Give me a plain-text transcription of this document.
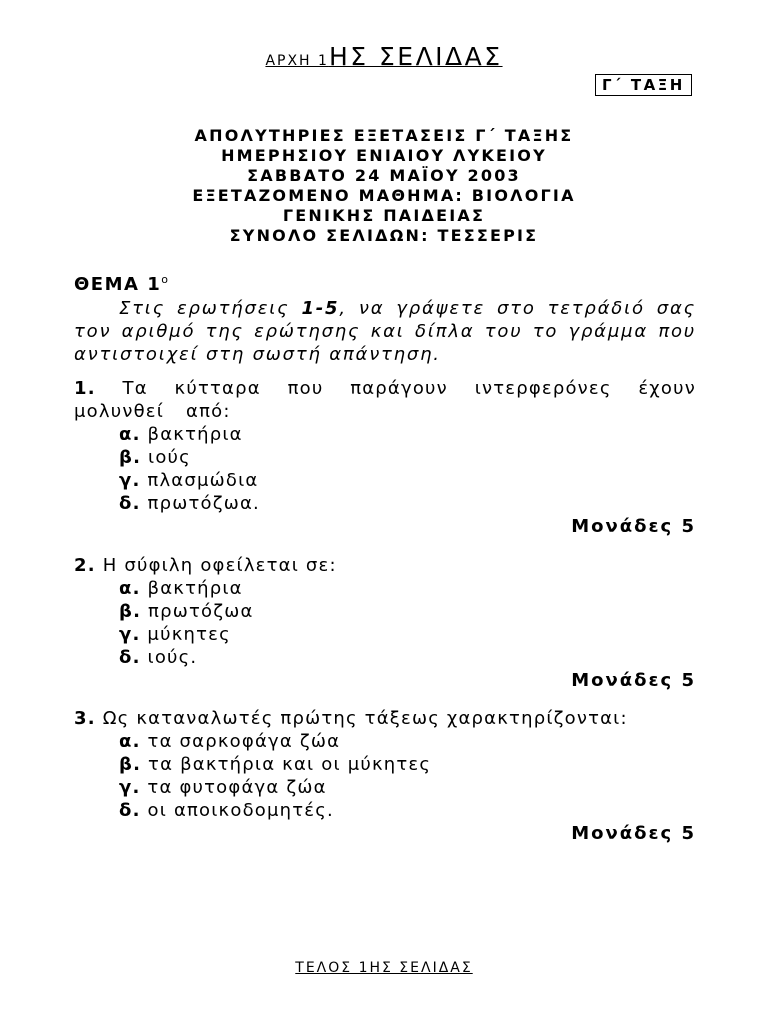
ΑΡΧΗ 1ΗΣ ΣΕΛΙΔΑΣ
Γ΄ ΤΑΞΗ
ΑΠΟΛΥΤΗΡΙΕΣ ΕΞΕΤΑΣΕΙΣ Γ΄ ΤΑΞΗΣ
ΗΜΕΡΗΣΙΟΥ ΕΝΙΑΙΟΥ ΛΥΚΕΙΟΥ
ΣΑΒΒΑΤΟ 24 ΜΑΪΟΥ 2003
ΕΞΕΤΑΖΟΜΕΝΟ ΜΑΘΗΜΑ: ΒΙΟΛΟΓΙΑ
ΓΕΝΙΚΗΣ ΠΑΙΔΕΙΑΣ
ΣΥΝΟΛΟ ΣΕΛΙΔΩΝ: ΤΕΣΣΕΡΙΣ
ΘΕΜΑ $1^o$
Στις ερωτήσεις 1-5, να γράψετε στο τετράδιό σας τον αριθμό της ερώτησης και δίπλα του το γράμμα που αντιστοιχεί στη σωστή απάντηση.
1. Τα κύτταρα που παράγουν ιντερφερόνες έχουν μολυνθεί από:
α. βακτήρια
β. ιούς
γ. πλασμώδια
δ. πρωτόζωα.
Μονάδες 5
2. Η σύφιλη οφείλεται σε:
α. βακτήρια
β. πρωτόζωα
γ. μύκητες
δ. ιούς.
Μονάδες 5
3. Ως καταναλωτές πρώτης τάξεως χαρακτηρίζονται:
α. τα σαρκοφάγα ζώα
β. τα βακτήρια και οι μύκητες
γ. τα φυτοφάγα ζώα
δ. οι αποικοδομητές.
Μονάδες 5
ΤΕΛΟΣ 1ΗΣ ΣΕΛΙΔΑΣ
